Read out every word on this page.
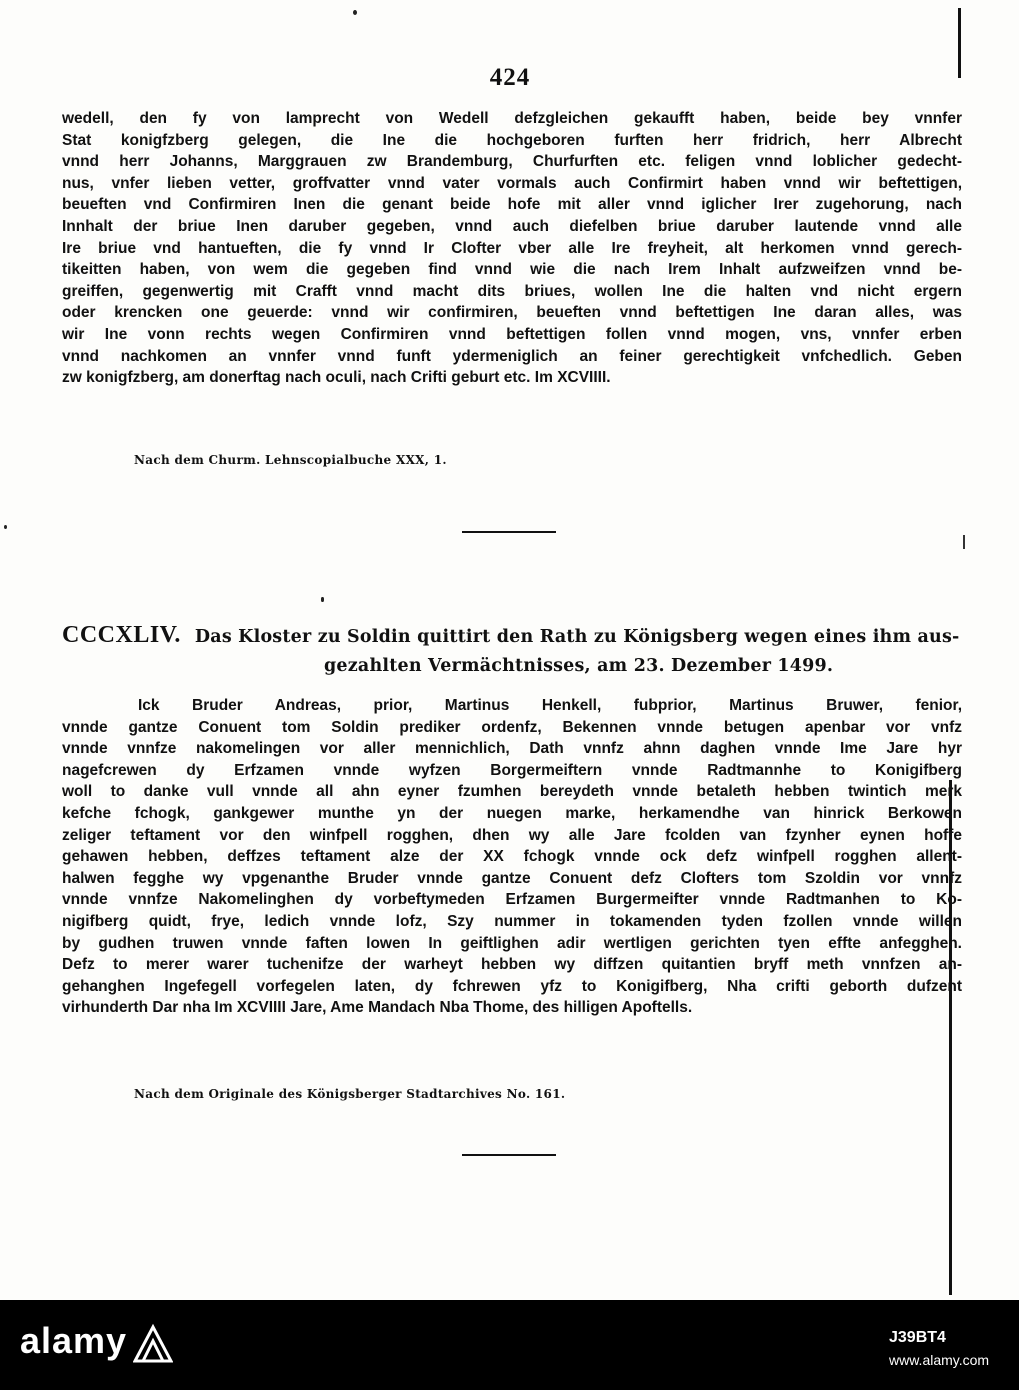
424
wedell, den fy von lamprecht von Wedell defzgleichen gekaufft haben, beide bey vnnfer
Stat konigfzberg gelegen, die Ine die hochgeboren furften herr fridrich, herr Albrecht
vnnd herr Johanns, Marggrauen zw Brandemburg, Churfurften etc. feligen vnnd loblicher gedecht-
nus, vnfer lieben vetter, groffvatter vnnd vater vormals auch Confirmirt haben vnnd wir beftettigen,
beueften vnd Confirmiren Inen die genant beide hofe mit aller vnnd iglicher Irer zugehorung, nach
Innhalt der briue Inen daruber gegeben, vnnd auch diefelben briue daruber lautende vnnd alle
Ire briue vnd hantueften, die fy vnnd Ir Clofter vber alle Ire freyheit, alt herkomen vnnd gerech-
tikeitten haben, von wem die gegeben find vnnd wie die nach Irem Inhalt aufzweifzen vnnd be-
greiffen, gegenwertig mit Crafft vnnd macht dits briues, wollen Ine die halten vnd nicht ergern
oder krencken one geuerde: vnnd wir confirmiren, beueften vnnd beftettigen Ine daran alles, was
wir Ine vonn rechts wegen Confirmiren vnnd beftettigen follen vnnd mogen, vns, vnnfer erben
vnnd nachkomen an vnnfer vnnd funft ydermeniglich an feiner gerechtigkeit vnfchedlich. Geben
zw konigfzberg, am donerftag nach oculi, nach Crifti geburt etc. Im XCVIIII.
Nach dem Churm. Lehnscopialbuche XXX, 1.
CCCXLIV. Das Kloster zu Soldin quittirt den Rath zu Königsberg wegen eines ihm aus-
gezahlten Vermächtnisses, am 23. Dezember 1499.
Ick Bruder Andreas, prior, Martinus Henkell, fubprior, Martinus Bruwer, fenior,
vnnde gantze Conuent tom Soldin prediker ordenfz, Bekennen vnnde betugen apenbar vor vnfz
vnnde vnnfze nakomelingen vor aller mennichlich, Dath vnnfz ahnn daghen vnnde Ime Jare hyr
nagefcrewen dy Erfzamen vnnde wyfzen Borgermeiftern vnnde Radtmannhe to Konigifberg
woll to danke vull vnnde all ahn eyner fzumhen bereydeth vnnde betaleth hebben twintich merk
kefche fchogk, gankgewer munthe yn der nuegen marke, herkamendhe van hinrick Berkowen
zeliger teftament vor den winfpell rogghen, dhen wy alle Jare fcolden van fzynher eynen hoffe
gehawen hebben, deffzes teftament alze der XX fchogk vnnde ock defz winfpell rogghen allent-
halwen fegghe wy vpgenanthe Bruder vnnde gantze Conuent defz Clofters tom Szoldin vor vnnfz
vnnde vnnfze Nakomelinghen dy vorbeftymeden Erfzamen Burgermeifter vnnde Radtmanhen to Ko-
nigifberg quidt, frye, ledich vnnde lofz, Szy nummer in tokamenden tyden fzollen vnnde willen
by gudhen truwen vnnde faften lowen In geiftlighen adir wertligen gerichten tyen effte anfegghen.
Defz to merer warer tuchenifze der warheyt hebben wy diffzen quitantien bryff meth vnnfzen an-
gehanghen Ingefegell vorfegelen laten, dy fchrewen yfz to Konigifberg, Nha crifti geborth dufzent
virhunderth Dar nha Im XCVIIII Jare, Ame Mandach Nba Thome, des hilligen Apoftells.
Nach dem Originale des Königsberger Stadtarchives No. 161.
alamy	J39BT4
www.alamy.com
